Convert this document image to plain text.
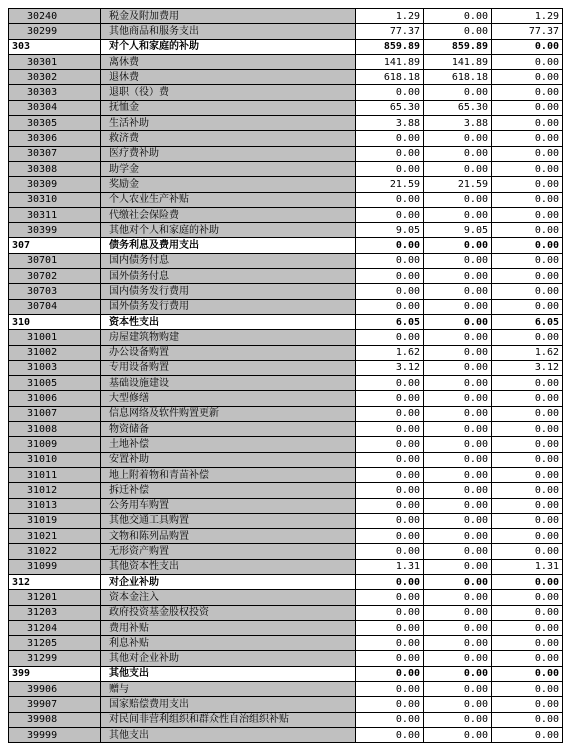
30240	税金及附加费用	1.29	0.00	1.29
30299	其他商品和服务支出	77.37	0.00	77.37
303	对个人和家庭的补助	859.89	859.89	0.00
30301	离休费	141.89	141.89	0.00
30302	退休费	618.18	618.18	0.00
30303	退职（役）费	0.00	0.00	0.00
30304	抚恤金	65.30	65.30	0.00
30305	生活补助	3.88	3.88	0.00
30306	救济费	0.00	0.00	0.00
30307	医疗费补助	0.00	0.00	0.00
30308	助学金	0.00	0.00	0.00
30309	奖励金	21.59	21.59	0.00
30310	个人农业生产补贴	0.00	0.00	0.00
30311	代缴社会保险费	0.00	0.00	0.00
30399	其他对个人和家庭的补助	9.05	9.05	0.00
307	债务利息及费用支出	0.00	0.00	0.00
30701	国内债务付息	0.00	0.00	0.00
30702	国外债务付息	0.00	0.00	0.00
30703	国内债务发行费用	0.00	0.00	0.00
30704	国外债务发行费用	0.00	0.00	0.00
310	资本性支出	6.05	0.00	6.05
31001	房屋建筑物购建	0.00	0.00	0.00
31002	办公设备购置	1.62	0.00	1.62
31003	专用设备购置	3.12	0.00	3.12
31005	基础设施建设	0.00	0.00	0.00
31006	大型修缮	0.00	0.00	0.00
31007	信息网络及软件购置更新	0.00	0.00	0.00
31008	物资储备	0.00	0.00	0.00
31009	土地补偿	0.00	0.00	0.00
31010	安置补助	0.00	0.00	0.00
31011	地上附着物和青苗补偿	0.00	0.00	0.00
31012	拆迁补偿	0.00	0.00	0.00
31013	公务用车购置	0.00	0.00	0.00
31019	其他交通工具购置	0.00	0.00	0.00
31021	文物和陈列品购置	0.00	0.00	0.00
31022	无形资产购置	0.00	0.00	0.00
31099	其他资本性支出	1.31	0.00	1.31
312	对企业补助	0.00	0.00	0.00
31201	资本金注入	0.00	0.00	0.00
31203	政府投资基金股权投资	0.00	0.00	0.00
31204	费用补贴	0.00	0.00	0.00
31205	利息补贴	0.00	0.00	0.00
31299	其他对企业补助	0.00	0.00	0.00
399	其他支出	0.00	0.00	0.00
39906	赠与	0.00	0.00	0.00
39907	国家赔偿费用支出	0.00	0.00	0.00
39908	对民间非营利组织和群众性自治组织补贴	0.00	0.00	0.00
39999	其他支出	0.00	0.00	0.00
